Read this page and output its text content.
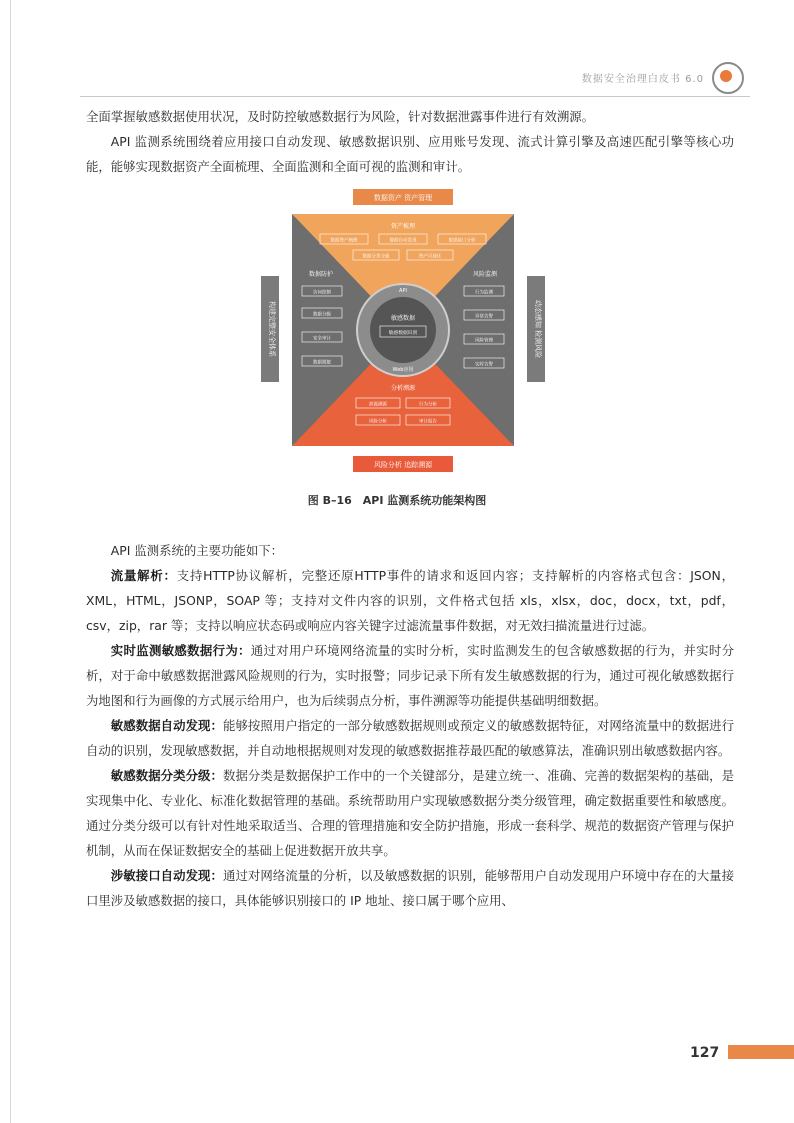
数据安全治理白皮书 6.0

全面掌握敏感数据使用状况，及时防控敏感数据行为风险，针对数据泄露事件进行有效溯源。

API 监测系统围绕着应用接口自动发现、敏感数据识别、应用账号发现、流式计算引擎及高速匹配引擎等核心功能，能够实现数据资产全面梳理、全面监测和全面可视的监测和审计。

数据资产 资产管理
风险分析 追踪溯源
构建完整安全体系	动态感知 检测风险
资产梳理
数据资产梳理	数据自动发现	敏感接口分析
数据分类分级	资产可视化
数据防护
访问控制
数据分级
安全审计
数据脱敏
风险监测
行为监测
异常告警
风险管理
实时告警
分析溯源
泄露溯源	行为分析
风险分析	审计报告
API
敏感数据
敏感数据识别
Web应用
图 B–16　API 监测系统功能架构图

API 监测系统的主要功能如下：

流量解析：支持HTTP协议解析，完整还原HTTP事件的请求和返回内容；支持解析的内容格式包含：JSON，XML，HTML，JSONP，SOAP 等；支持对文件内容的识别，文件格式包括 xls，xlsx，doc，docx，txt，pdf，csv，zip，rar 等；支持以响应状态码或响应内容关键字过滤流量事件数据，对无效扫描流量进行过滤。

实时监测敏感数据行为：通过对用户环境网络流量的实时分析，实时监测发生的包含敏感数据的行为，并实时分析，对于命中敏感数据泄露风险规则的行为，实时报警；同步记录下所有发生敏感数据的行为，通过可视化敏感数据行为地图和行为画像的方式展示给用户，也为后续弱点分析，事件溯源等功能提供基础明细数据。

敏感数据自动发现：能够按照用户指定的一部分敏感数据规则或预定义的敏感数据特征，对网络流量中的数据进行自动的识别，发现敏感数据，并自动地根据规则对发现的敏感数据推荐最匹配的敏感算法，准确识别出敏感数据内容。

敏感数据分类分级：数据分类是数据保护工作中的一个关键部分，是建立统一、准确、完善的数据架构的基础，是实现集中化、专业化、标准化数据管理的基础。系统帮助用户实现敏感数据分类分级管理，确定数据重要性和敏感度。通过分类分级可以有针对性地采取适当、合理的管理措施和安全防护措施，形成一套科学、规范的数据资产管理与保护机制，从而在保证数据安全的基础上促进数据开放共享。

涉敏接口自动发现：通过对网络流量的分析，以及敏感数据的识别，能够帮用户自动发现用户环境中存在的大量接口里涉及敏感数据的接口，具体能够识别接口的 IP 地址、接口属于哪个应用、

127
